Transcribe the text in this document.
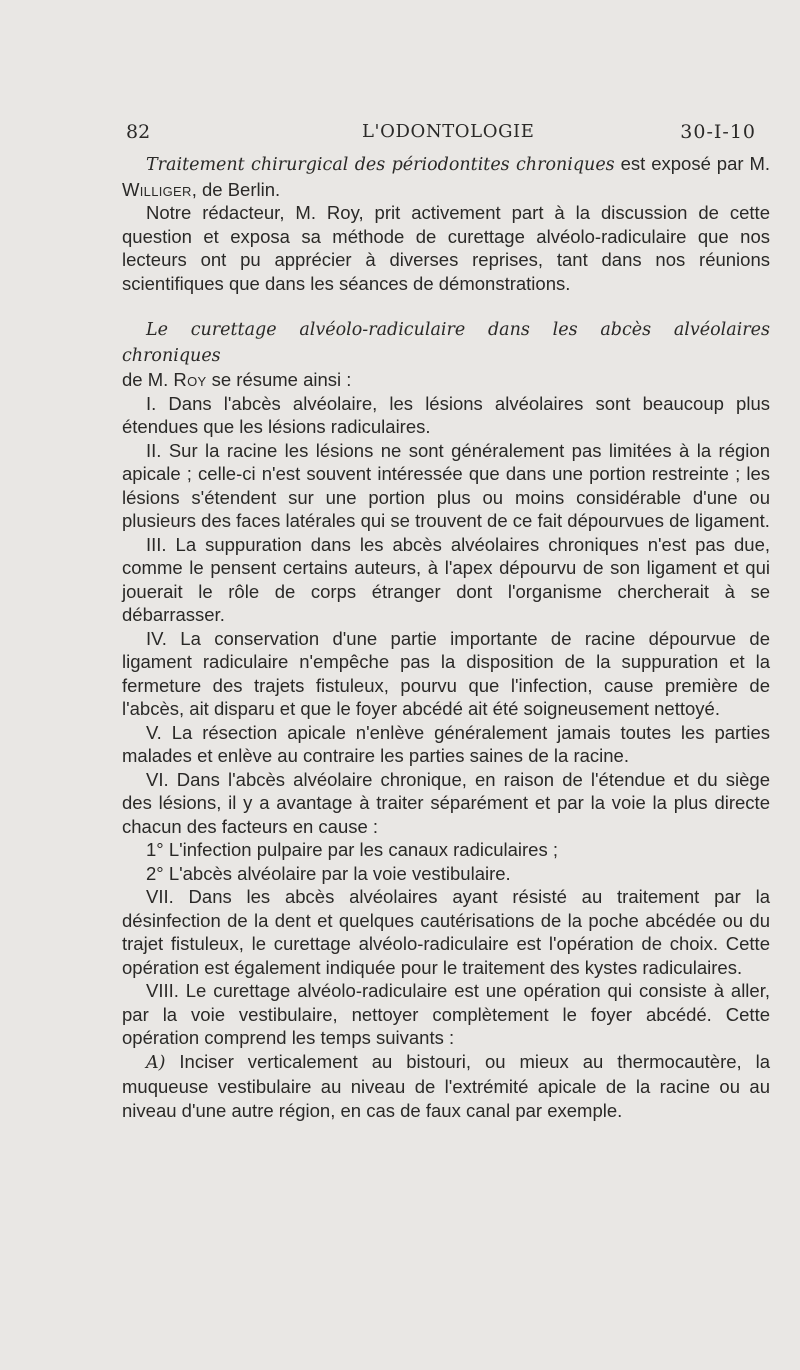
82	L'ODONTOLOGIE	30-I-10

Traitement chirurgical des périodontites chroniques est exposé par M. Williger, de Berlin.

Notre rédacteur, M. Roy, prit activement part à la discussion de cette question et exposa sa méthode de curettage alvéolo-radiculaire que nos lecteurs ont pu apprécier à diverses reprises, tant dans nos réunions scientifiques que dans les séances de démonstrations.

Le curettage alvéolo-radiculaire dans les abcès alvéolaires chroniques

de M. Roy se résume ainsi :

I. Dans l'abcès alvéolaire, les lésions alvéolaires sont beaucoup plus étendues que les lésions radiculaires.

II. Sur la racine les lésions ne sont généralement pas limitées à la région apicale ; celle-ci n'est souvent intéressée que dans une portion restreinte ; les lésions s'étendent sur une portion plus ou moins considérable d'une ou plusieurs des faces latérales qui se trouvent de ce fait dépourvues de ligament.

III. La suppuration dans les abcès alvéolaires chroniques n'est pas due, comme le pensent certains auteurs, à l'apex dépourvu de son ligament et qui jouerait le rôle de corps étranger dont l'organisme chercherait à se débarrasser.

IV. La conservation d'une partie importante de racine dépourvue de ligament radiculaire n'empêche pas la disposition de la suppuration et la fermeture des trajets fistuleux, pourvu que l'infection, cause première de l'abcès, ait disparu et que le foyer abcédé ait été soigneusement nettoyé.

V. La résection apicale n'enlève généralement jamais toutes les parties malades et enlève au contraire les parties saines de la racine.

VI. Dans l'abcès alvéolaire chronique, en raison de l'étendue et du siège des lésions, il y a avantage à traiter séparément et par la voie la plus directe chacun des facteurs en cause :

1° L'infection pulpaire par les canaux radiculaires ;

2° L'abcès alvéolaire par la voie vestibulaire.

VII. Dans les abcès alvéolaires ayant résisté au traitement par la désinfection de la dent et quelques cautérisations de la poche abcédée ou du trajet fistuleux, le curettage alvéolo-radiculaire est l'opération de choix. Cette opération est également indiquée pour le traitement des kystes radiculaires.

VIII. Le curettage alvéolo-radiculaire est une opération qui consiste à aller, par la voie vestibulaire, nettoyer complètement le foyer abcédé. Cette opération comprend les temps suivants :

A) Inciser verticalement au bistouri, ou mieux au thermocautère, la muqueuse vestibulaire au niveau de l'extrémité apicale de la racine ou au niveau d'une autre région, en cas de faux canal par exemple.
